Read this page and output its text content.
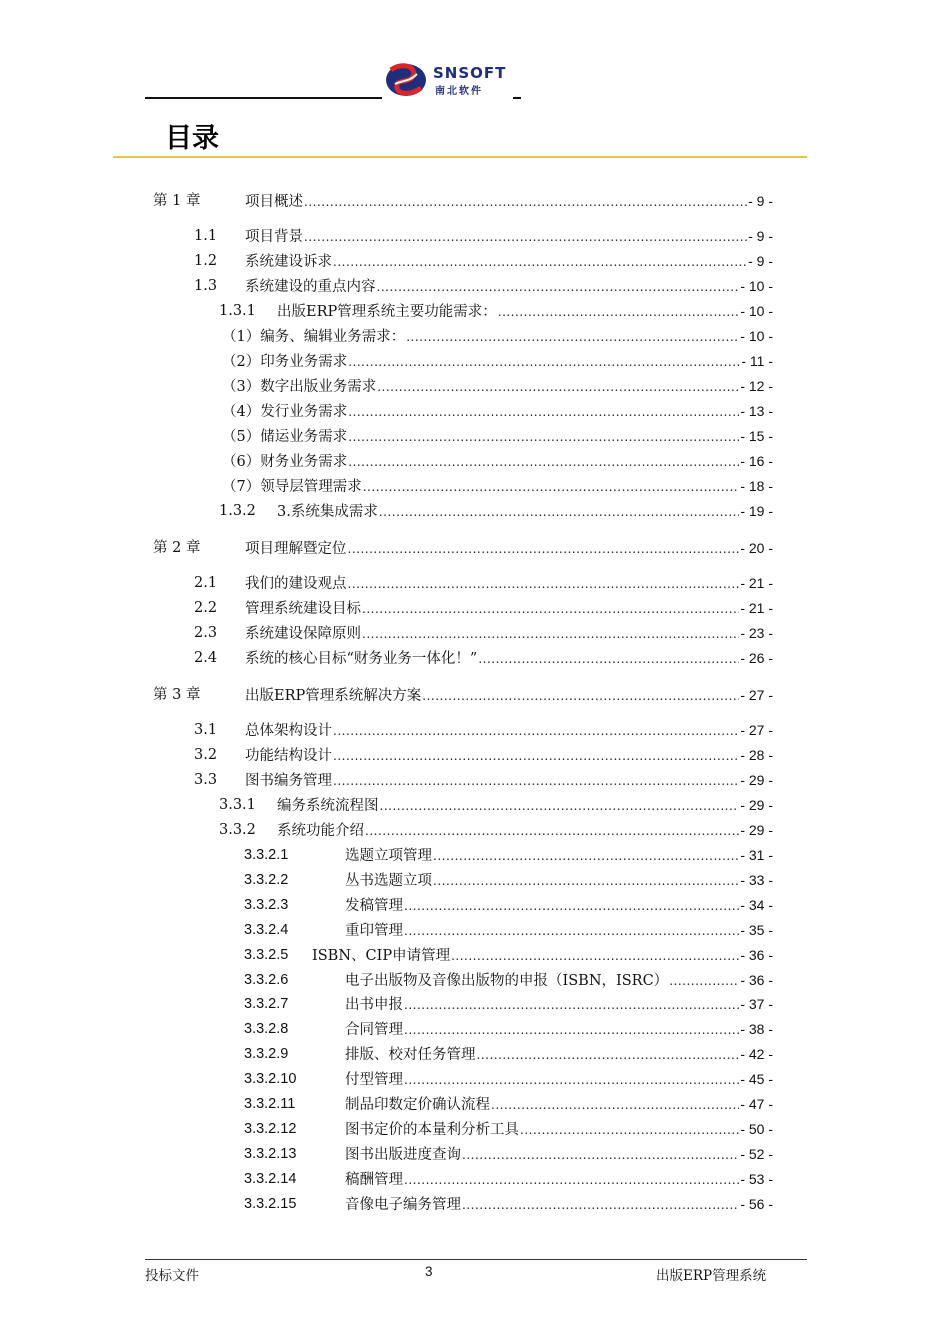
SNSOFT
南北软件
目录
第 1 章	项目概述 .....	- 9 -
1.1 项目背景 .....	- 9 -
1.2 系统建设诉求 .....	- 9 -
1.3 系统建设的重点内容 .....	- 10 -
1.3.1 出版ERP管理系统主要功能需求： .....	- 10 -
（1）编务、编辑业务需求： .....	- 10 -
（2）印务业务需求 .....	- 11 -
（3）数字出版业务需求 .....	- 12 -
（4）发行业务需求 .....	- 13 -
（5）储运业务需求 .....	- 15 -
（6）财务业务需求 .....	- 16 -
（7）领导层管理需求 .....	- 18 -
1.3.2 3.系统集成需求 .....	- 19 -
第 2 章	项目理解暨定位 .....	- 20 -
2.1 我们的建设观点 .....	- 21 -
2.2 管理系统建设目标 .....	- 21 -
2.3 系统建设保障原则 .....	- 23 -
2.4 系统的核心目标“财务业务一体化！” .....	- 26 -
第 3 章	出版ERP管理系统解决方案 .....	- 27 -
3.1 总体架构设计 .....	- 27 -
3.2 功能结构设计 .....	- 28 -
3.3 图书编务管理 .....	- 29 -
3.3.1 编务系统流程图 .....	- 29 -
3.3.2 系统功能介绍 .....	- 29 -
3.3.2.1	选题立项管理 .....	- 31 -
3.3.2.2	丛书选题立项 .....	- 33 -
3.3.2.3	发稿管理 .....	- 34 -
3.3.2.4	重印管理 .....	- 35 -
3.3.2.5 ISBN、CIP申请管理 .....	- 36 -
3.3.2.6	电子出版物及音像出版物的申报（ISBN，ISRC） .....	- 36 -
3.3.2.7	出书申报 .....	- 37 -
3.3.2.8	合同管理 .....	- 38 -
3.3.2.9	排版、校对任务管理 .....	- 42 -
3.3.2.10	付型管理 .....	- 45 -
3.3.2.11	制品印数定价确认流程 .....	- 47 -
3.3.2.12	图书定价的本量利分析工具 .....	- 50 -
3.3.2.13	图书出版进度查询 .....	- 52 -
3.3.2.14	稿酬管理 .....	- 53 -
3.3.2.15	音像电子编务管理 .....	- 56 -
投标文件	3	出版ERP管理系统
